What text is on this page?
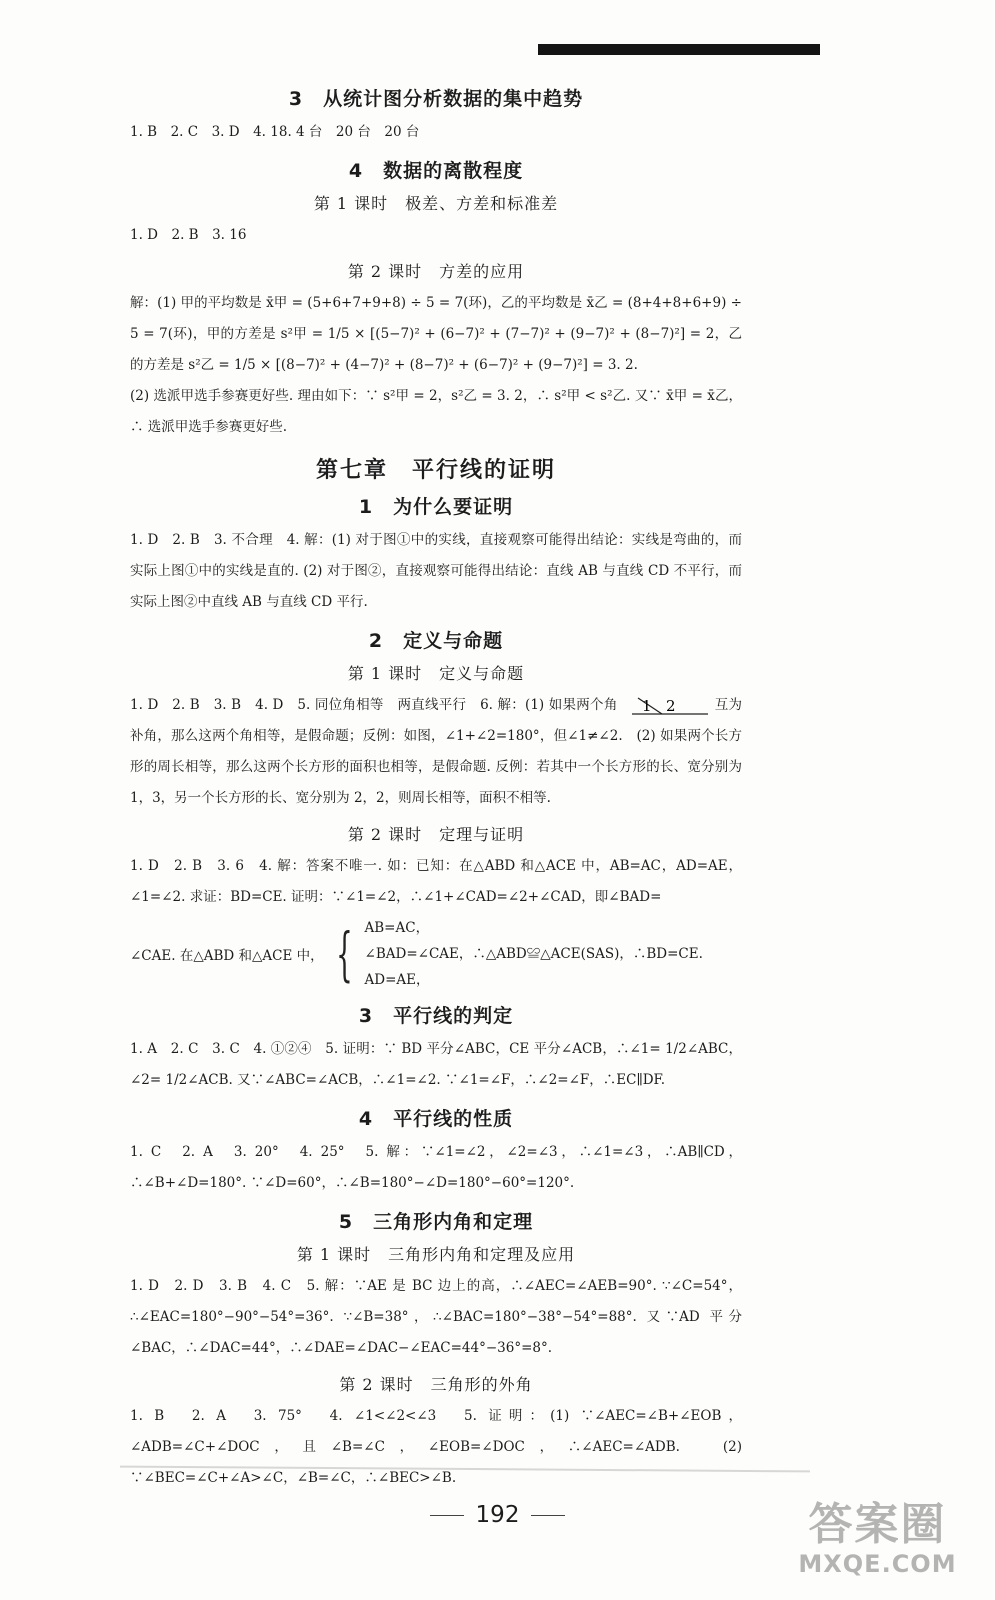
3　从统计图分析数据的集中趋势

1. B　2. C　3. D　4. 18. 4 台　20 台　20 台

4　数据的离散程度
第 1 课时　极差、方差和标准差

1. D　2. B　3. 16

第 2 课时　方差的应用

解：(1) 甲的平均数是 x̄甲 = (5+6+7+9+8) ÷ 5 = 7(环)，乙的平均数是 x̄乙 = (8+4+8+6+9) ÷ 5 = 7(环)，甲的方差是 s²甲 = 1/5 × [(5−7)² + (6−7)² + (7−7)² + (9−7)² + (8−7)²] = 2，乙的方差是 s²乙 = 1/5 × [(8−7)² + (4−7)² + (8−7)² + (6−7)² + (9−7)²] = 3. 2.

(2) 选派甲选手参赛更好些. 理由如下：∵ s²甲 = 2，s²乙 = 3. 2，∴ s²甲 < s²乙. 又∵ x̄甲 = x̄乙，∴ 选派甲选手参赛更好些.

第七章　平行线的证明
1　为什么要证明

1. D　2. B　3. 不合理　4. 解：(1) 对于图①中的实线，直接观察可能得出结论：实线是弯曲的，而实际上图①中的实线是直的. (2) 对于图②，直接观察可能得出结论：直线 AB 与直线 CD 不平行，而实际上图②中直线 AB 与直线 CD 平行.

2　定义与命题
第 1 课时　定义与命题

1. D　2. B　3. B　4. D　5. 同位角相等　两直线平行　6. 解：(1) 如果两个角 1 2	互为补角，那么这两个角相等，是假命题；反例：如图，∠1+∠2=180°，但∠1≠∠2.　(2) 如果两个长方形的周长相等，那么这两个长方形的面积也相等，是假命题. 反例：若其中一个长方形的长、宽分别为 1，3，另一个长方形的长、宽分别为 2，2，则周长相等，面积不相等.

第 2 课时　定理与证明

1. D　2. B　3. 6　4. 解：答案不唯一. 如：已知：在△ABD 和△ACE 中，AB=AC，AD=AE，∠1=∠2. 求证：BD=CE. 证明：∵∠1=∠2，∴∠1+∠CAD=∠2+∠CAD，即∠BAD=

∠CAE. 在△ABD 和△ACE 中， { AB=AC，
∠BAD=∠CAE，∴△ABD≌△ACE(SAS)，∴BD=CE.
AD=AE，
3　平行线的判定

1. A　2. C　3. C　4. ①②④　5. 证明：∵ BD 平分∠ABC，CE 平分∠ACB，∴∠1= 1/2∠ABC，∠2= 1/2∠ACB. 又∵∠ABC=∠ACB，∴∠1=∠2. ∵∠1=∠F，∴∠2=∠F，∴EC∥DF.

4　平行线的性质

1. C　2. A　3. 20°　4. 25°　5. 解：∵∠1=∠2，∠2=∠3，∴∠1=∠3，∴AB∥CD，∴∠B+∠D=180°. ∵∠D=60°，∴∠B=180°−∠D=180°−60°=120°.

5　三角形内角和定理
第 1 课时　三角形内角和定理及应用

1. D　2. D　3. B　4. C　5. 解：∵AE 是 BC 边上的高，∴∠AEC=∠AEB=90°. ∵∠C=54°，∴∠EAC=180°−90°−54°=36°. ∵∠B=38°，∴∠BAC=180°−38°−54°=88°. 又∵AD 平分∠BAC，∴∠DAC=44°，∴∠DAE=∠DAC−∠EAC=44°−36°=8°.

第 2 课时　三角形的外角

1. B　2. A　3. 75°　4. ∠1<∠2<∠3　5. 证明：(1) ∵∠AEC=∠B+∠EOB，∠ADB=∠C+∠DOC，且∠B=∠C，∠EOB=∠DOC，∴∠AEC=∠ADB.　(2) ∵∠BEC=∠C+∠A>∠C，∠B=∠C，∴∠BEC>∠B.

192	答案圈
MXQE.COM
